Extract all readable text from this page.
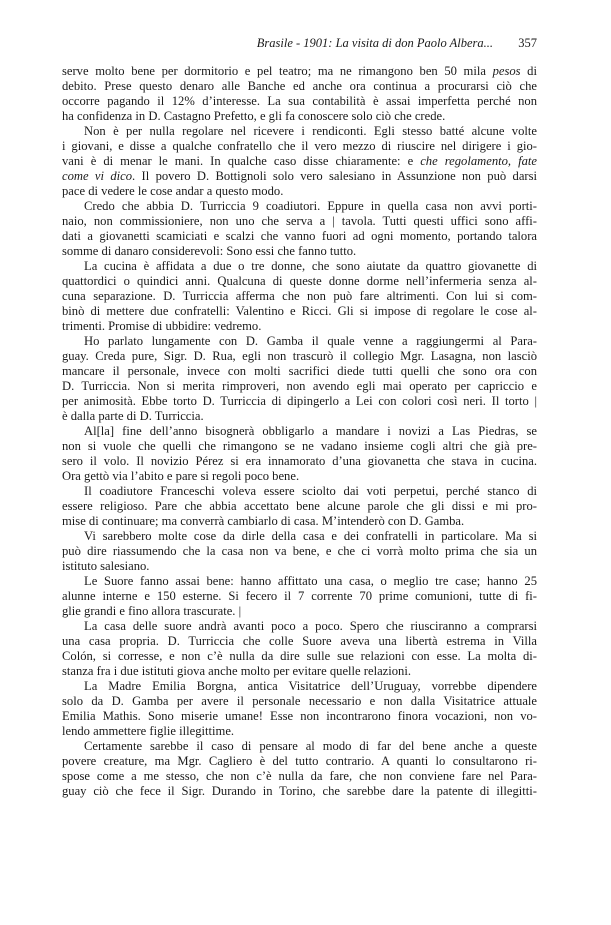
Brasile - 1901: La visita di don Paolo Albera... 357
serve molto bene per dormitorio e pel teatro; ma ne rimangono ben 50 mila pesos di
debito. Prese questo denaro alle Banche ed anche ora continua a procurarsi ciò che
occorre pagando il 12% d’interesse. La sua contabilità è assai imperfetta perché non
ha confidenza in D. Castagno Prefetto, e gli fa conoscere solo ciò che crede.
Non è per nulla regolare nel ricevere i rendiconti. Egli stesso batté alcune volte
i giovani, e disse a qualche confratello che il vero mezzo di riuscire nel dirigere i gio-
vani è di menar le mani. In qualche caso disse chiaramente: e che regolamento, fate
come vi dico. Il povero D. Bottignoli solo vero salesiano in Assunzione non può darsi
pace di vedere le cose andar a questo modo.
Credo che abbia D. Turriccia 9 coadiutori. Eppure in quella casa non avvi porti-
naio, non commissioniere, non uno che serva a | tavola. Tutti questi uffici sono affi-
dati a giovanetti scamiciati e scalzi che vanno fuori ad ogni momento, portando talora
somme di danaro considerevoli: Sono essi che fanno tutto.
La cucina è affidata a due o tre donne, che sono aiutate da quattro giovanette di
quattordici o quindici anni. Qualcuna di queste donne dorme nell’infermeria senza al-
cuna separazione. D. Turriccia afferma che non può fare altrimenti. Con lui si com-
binò di mettere due confratelli: Valentino e Ricci. Gli si impose di regolare le cose al-
trimenti. Promise di ubbidire: vedremo.
Ho parlato lungamente con D. Gamba il quale venne a raggiungermi al Para-
guay. Creda pure, Sigr. D. Rua, egli non trascurò il collegio Mgr. Lasagna, non lasciò
mancare il personale, invece con molti sacrifici diede tutti quelli che sono ora con
D. Turriccia. Non si merita rimproveri, non avendo egli mai operato per capriccio e
per animosità. Ebbe torto D. Turriccia di dipingerlo a Lei con colori così neri. Il torto |
è dalla parte di D. Turriccia.
Al[la] fine dell’anno bisognerà obbligarlo a mandare i novizi a Las Piedras, se
non si vuole che quelli che rimangono se ne vadano insieme cogli altri che già pre-
sero il volo. Il novizio Pérez si era innamorato d’una giovanetta che stava in cucina.
Ora gettò via l’abito e pare si regoli poco bene.
Il coadiutore Franceschi voleva essere sciolto dai voti perpetui, perché stanco di
essere religioso. Pare che abbia accettato bene alcune parole che gli dissi e mi pro-
mise di continuare; ma converrà cambiarlo di casa. M’intenderò con D. Gamba.
Vi sarebbero molte cose da dirle della casa e dei confratelli in particolare. Ma si
può dire riassumendo che la casa non va bene, e che ci vorrà molto prima che sia un
istituto salesiano.
Le Suore fanno assai bene: hanno affittato una casa, o meglio tre case; hanno 25
alunne interne e 150 esterne. Si fecero il 7 corrente 70 prime comunioni, tutte di fi-
glie grandi e fino allora trascurate. |
La casa delle suore andrà avanti poco a poco. Spero che riusciranno a comprarsi
una casa propria. D. Turriccia che colle Suore aveva una libertà estrema in Villa
Colón, si corresse, e non c’è nulla da dire sulle sue relazioni con esse. La molta di-
stanza fra i due istituti giova anche molto per evitare quelle relazioni.
La Madre Emilia Borgna, antica Visitatrice dell’Uruguay, vorrebbe dipendere
solo da D. Gamba per avere il personale necessario e non dalla Visitatrice attuale
Emilia Mathis. Sono miserie umane! Esse non incontrarono finora vocazioni, non vo-
lendo ammettere figlie illegittime.
Certamente sarebbe il caso di pensare al modo di far del bene anche a queste
povere creature, ma Mgr. Cagliero è del tutto contrario. A quanti lo consultarono ri-
spose come a me stesso, che non c’è nulla da fare, che non conviene fare nel Para-
guay ciò che fece il Sigr. Durando in Torino, che sarebbe dare la patente di illegitti-
